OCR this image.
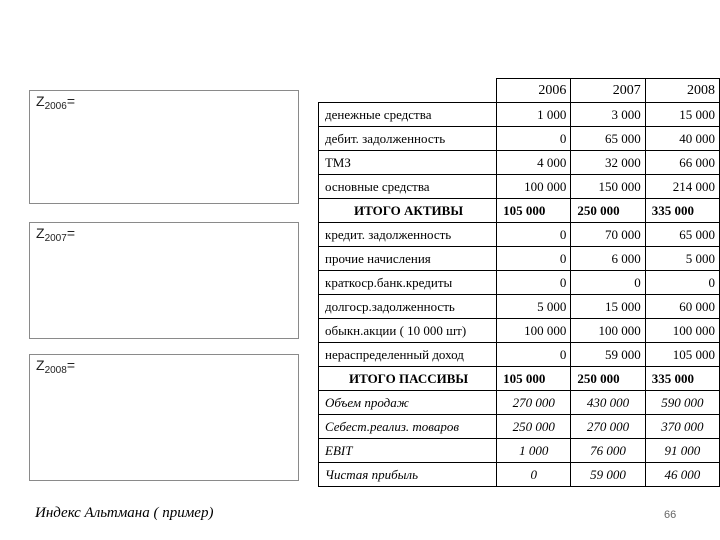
$Z_{2006}=$
$Z_{2007}=$
$Z_{2008}=$
	2006	2007	2008
денежные средства	1 000	3 000	15 000
дебит. задолженность	0	65 000	40 000
ТМЗ	4 000	32 000	66 000
основные средства	100 000	150 000	214 000
ИТОГО АКТИВЫ	105 000	250 000	335 000
кредит. задолженность	0	70 000	65 000
прочие начисления	0	6 000	5 000
краткоср.банк.кредиты	0	0	0
долгоср.задолженность	5 000	15 000	60 000
обыкн.акции ( 10 000 шт)	100 000	100 000	100 000
нераспределенный доход	0	59 000	105 000
ИТОГО ПАССИВЫ	105 000	250 000	335 000
Объем продаж	270 000	430 000	590 000
Себест.реализ. товаров	250 000	270 000	370 000
EBIT	1 000	76 000	91 000
Чистая прибыль	0	59 000	46 000
Индекс Альтмана ( пример)	66
